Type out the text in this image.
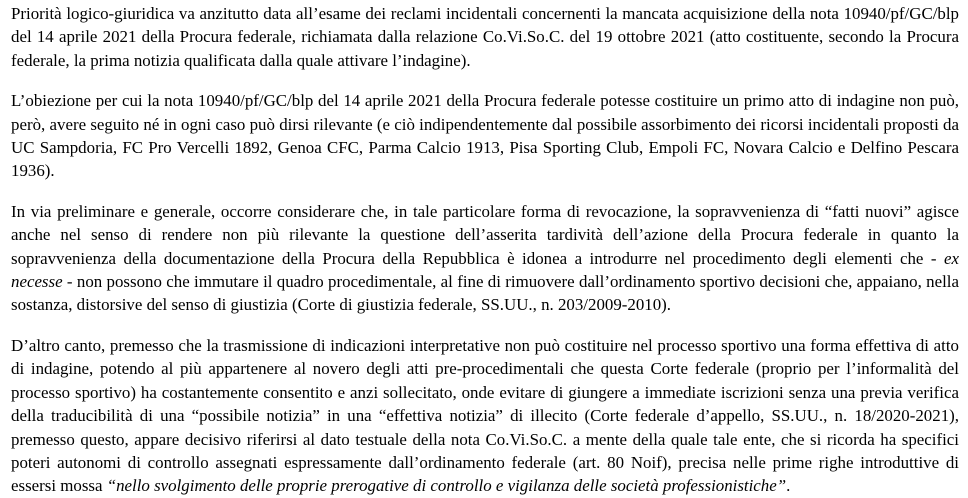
Priorità logico-giuridica va anzitutto data all’esame dei reclami incidentali concernenti la mancata acquisizione della nota 10940/pf/GC/blp del 14 aprile 2021 della Procura federale, richiamata dalla relazione Co.Vi.So.C. del 19 ottobre 2021 (atto costituente, secondo la Procura federale, la prima notizia qualificata dalla quale attivare l’indagine).

L’obiezione per cui la nota 10940/pf/GC/blp del 14 aprile 2021 della Procura federale potesse costituire un primo atto di indagine non può, però, avere seguito né in ogni caso può dirsi rilevante (e ciò indipendentemente dal possibile assorbimento dei ricorsi incidentali proposti da UC Sampdoria, FC Pro Vercelli 1892, Genoa CFC, Parma Calcio 1913, Pisa Sporting Club, Empoli FC, Novara Calcio e Delfino Pescara 1936).

In via preliminare e generale, occorre considerare che, in tale particolare forma di revocazione, la sopravvenienza di “fatti nuovi” agisce anche nel senso di rendere non più rilevante la questione dell’asserita tardività dell’azione della Procura federale in quanto la sopravvenienza della documentazione della Procura della Repubblica è idonea a introdurre nel procedimento degli elementi che - ex necesse - non possono che immutare il quadro procedimentale, al fine di rimuovere dall’ordinamento sportivo decisioni che, appaiano, nella sostanza, distorsive del senso di giustizia (Corte di giustizia federale, SS.UU., n. 203/2009-2010).

D’altro canto, premesso che la trasmissione di indicazioni interpretative non può costituire nel processo sportivo una forma effettiva di atto di indagine, potendo al più appartenere al novero degli atti pre-procedimentali che questa Corte federale (proprio per l’informalità del processo sportivo) ha costantemente consentito e anzi sollecitato, onde evitare di giungere a immediate iscrizioni senza una previa verifica della traducibilità di una “possibile notizia” in una “effettiva notizia” di illecito (Corte federale d’appello, SS.UU., n. 18/2020-2021), premesso questo, appare decisivo riferirsi al dato testuale della nota Co.Vi.So.C. a mente della quale tale ente, che si ricorda ha specifici poteri autonomi di controllo assegnati espressamente dall’ordinamento federale (art. 80 Noif), precisa nelle prime righe introduttive di essersi mossa “nello svolgimento delle proprie prerogative di controllo e vigilanza delle società professionistiche”.
